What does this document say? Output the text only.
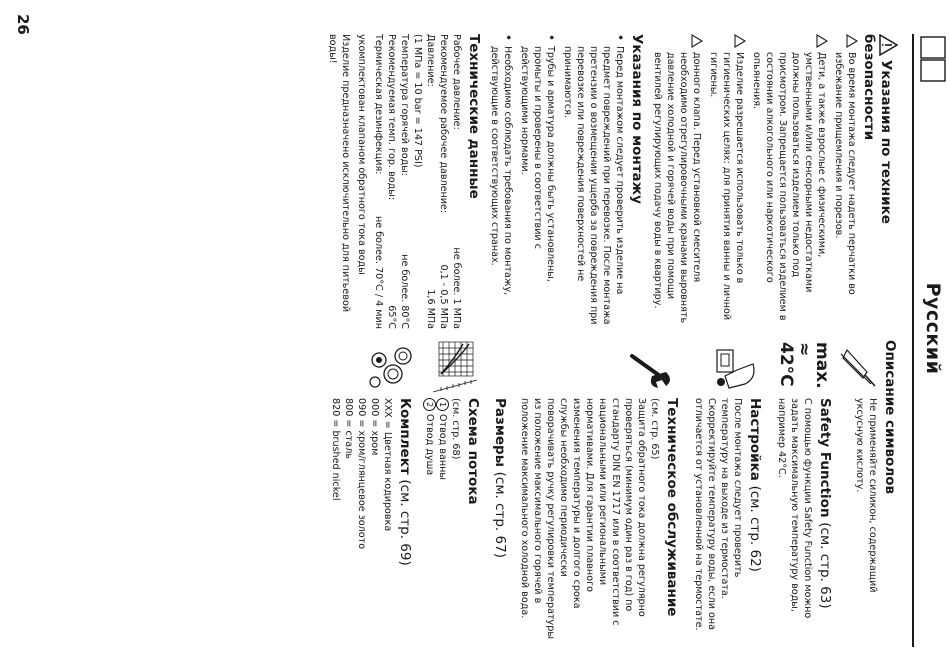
Русский
Указания по технике безопасности
Во время монтажа следует надеть перчатки во избежание прищемления и порезов.
Дети, а также взрослые с физическими, умственными и/или сенсорными недостатками должны пользоваться изделием только под присмотром. Запрещается пользоваться изделием в состоянии алкогольного или наркотического опьянения.
Изделие разрешается использовать только в гигиенических целях: для принятия ванны и личной гигиены.
донного клапа. Перед установкой смесителя необходимо отрегулировочными кранами выровнять давление холодной и горячей воды при помощи вентилей регулирующих подачу воды в квартиру.
Указания по монтажу
• Перед монтажом следует проверить изделие на предмет повреждений при перевозке. После монтажа претензии о возмещении ущерба за повреждения при перевозке или повреждения поверхностей не принимаются.
• Трубы и арматура должны быть установлены, промыты и проверены в соответствии с действующими нормами.
• Необходимо соблюдать требования по монтажу, действующие в соответствующих странах.
Технические данные
Рабочее давление:
не более. 1 МПа
Рекомендуемое рабочее давление:
0,1 - 0,5 МПа
Давление:
1,6 МПа
(1 МПа = 10 bar = 147 PSI)
Температура горячей воды:
не более. 80°C
Рекомендуемая темп. гор. воды:
65°C
Термическая дезинфекция:
не более. 70°C / 4 мин
укомплектован клапаном обратного тока воды
Изделие предназначено исключительно для питьевой воды!
Описание символов
Не применяйте силикон, содержащий уксусную кислоту.
max.
≈ 42°C
Safety Function (см. стр. 63)
С помощью функции Safety Function можно задать максимальную температуру воды, например 42°C.
Настройка (см. стр. 62)
После монтажа следует проверить температуру на выходе из термостата. Скорректируйте температуру воды, если она отличается от установленной на термостате.
Техническое обслуживание
(см. стр. 65)
Защита обратного тока должна регулярно проверяться (минимум один раз в год) по стандарту DIN EN 1717 или в соответствии с национальными или региональными нормативами. Для гарантии плавного изменения температуры и долгого срока службы необходимо периодически поворачивать ручку регулировки температуры из положение максимального горячей в положение максимального холодной вода.
Размеры (см. стр. 67)
Схема потока
(см. стр. 68)
1Отвод ванны
2Отвод душа
Комплект (см. стр. 69)
XXX = Цветная кодировка
000 = хром
090 = хром/глянцевое золото
800 = сталь
820 = brushed nickel
26
